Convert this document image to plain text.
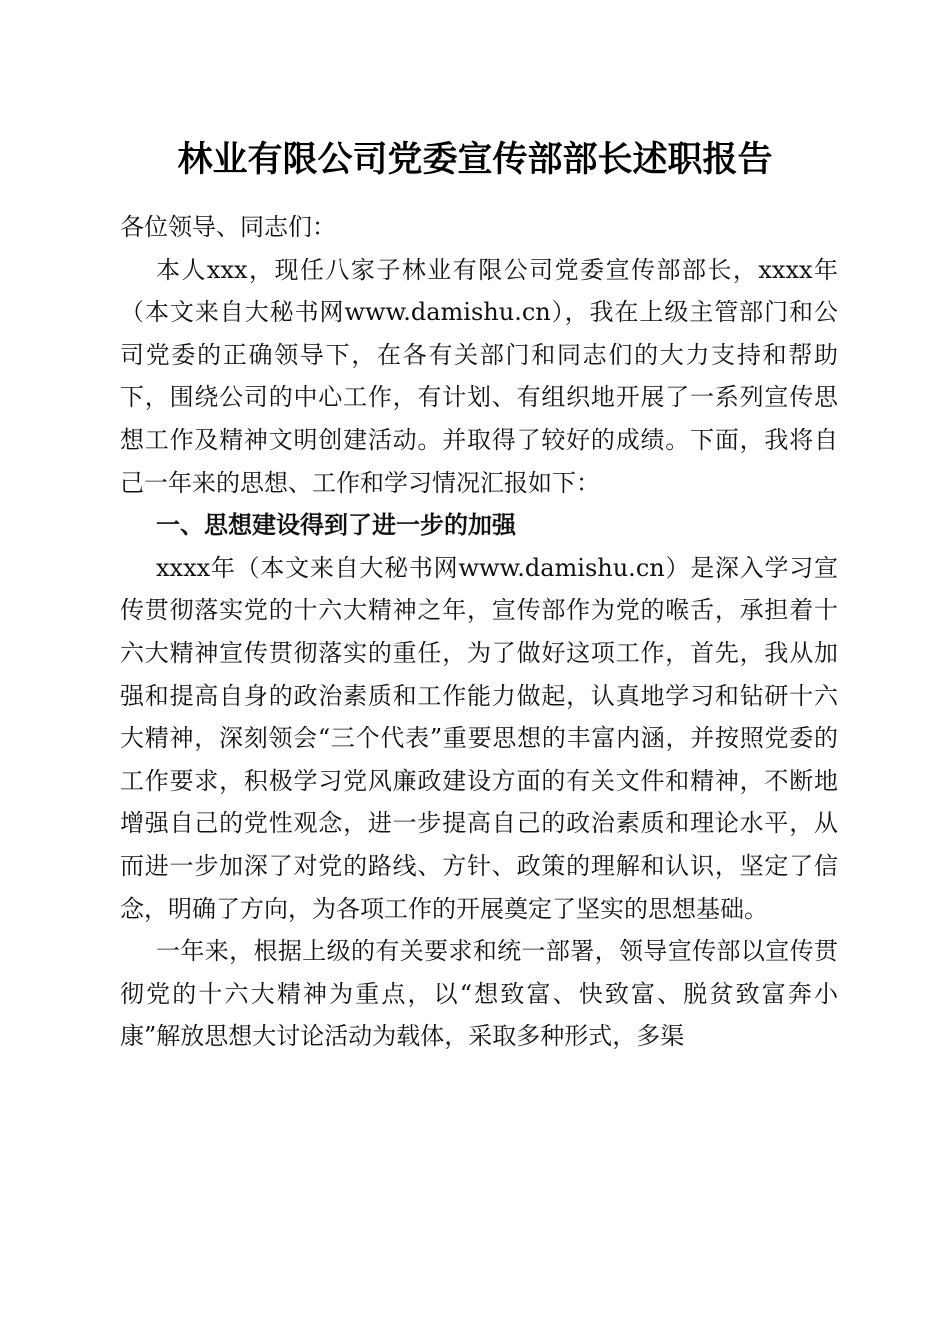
林业有限公司党委宣传部部长述职报告

各位领导、同志们：

本人xxx，现任八家子林业有限公司党委宣传部部长，xxxx年（本文来自大秘书网www.damishu.cn），我在上级主管部门和公司党委的正确领导下，在各有关部门和同志们的大力支持和帮助下，围绕公司的中心工作，有计划、有组织地开展了一系列宣传思想工作及精神文明创建活动。并取得了较好的成绩。下面，我将自己一年来的思想、工作和学习情况汇报如下：

一、思想建设得到了进一步的加强

xxxx年（本文来自大秘书网www.damishu.cn）是深入学习宣传贯彻落实党的十六大精神之年，宣传部作为党的喉舌，承担着十六大精神宣传贯彻落实的重任，为了做好这项工作，首先，我从加强和提高自身的政治素质和工作能力做起，认真地学习和钻研十六大精神，深刻领会“三个代表”重要思想的丰富内涵，并按照党委的工作要求，积极学习党风廉政建设方面的有关文件和精神，不断地增强自己的党性观念，进一步提高自己的政治素质和理论水平，从而进一步加深了对党的路线、方针、政策的理解和认识，坚定了信念，明确了方向，为各项工作的开展奠定了坚实的思想基础。

一年来，根据上级的有关要求和统一部署，领导宣传部以宣传贯彻党的十六大精神为重点，以“想致富、快致富、脱贫致富奔小康”解放思想大讨论活动为载体，采取多种形式，多渠
